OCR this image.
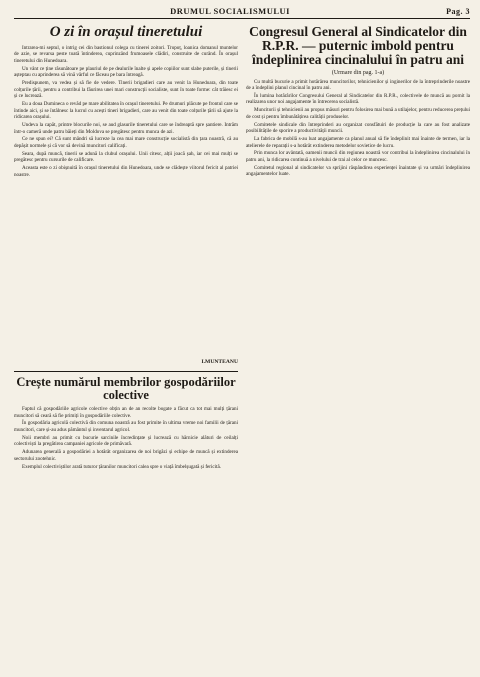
DRUMUL SOCIALISMULUI	Pag. 3
O zi în orașul tineretului

Intrarea-mi septul, o intrig cei din bastionul colega cu tinerei zoitori. Tropoț, loanica domanul muntelor de azie, se revarsa peste toată întinderea, cuprinzând frumoasele clădiri, construite de curând. În orașul tineretului din Hunedoara.

Un vânt ce ține răsunătoare pe plauriul de pe dealurile înalte și apele copiilor sunt slabe puterile, și tinerii așteptau cu aprinderea să vină vârful ce făceau pe bara întreagă.

Predispunem, va vedea și să fie de vedere. Tinerii brigadieri care au venit la Hunedoara, din toate colțurile țării, pentru a contribui la făurirea unei mari construcții socialiste, sunt în toate forme: cât trăiesc ei și ce lucrează.

Eu a doua Dumineca o revăd pe mare abilitatea în orașul tineretului. Pe drumuri plăcute pe frontul care se întinde aici, și se întâlnesc la lucrul cu acești tineri brigadieri, care au venit din toate colțurile țării să ajute la ridicarea orașului.

Undeva la capăt, printre blocurile noi, se aud glasurile tineretului care se îndreaptă spre șantiere. Intrăm într-o cameră unde patru băieți din Moldova se pregătesc pentru munca de azi.

Ce ne spun ei? Că sunt mândri să lucreze la cea mai mare construcție socialistă din țara noastră, că au depășit normele și că vor să devină muncitori calificați.

Seara, după muncă, tinerii se adună la clubul orașului. Unii citesc, alții joacă șah, iar cei mai mulți se pregătesc pentru cursurile de calificare.

Aceasta este o zi obișnuită în orașul tineretului din Hunedoara, unde se clădește viitorul fericit al patriei noastre.

I.MUNTEANU
Crește numărul membrilor gospodăriilor colective

Faptul că gospodăriile agricole colective obțin an de an recolte bogate a făcut ca tot mai mulți țărani muncitori să ceară să fie primiți în gospodăriile colective.

În gospodăria agricolă colectivă din comuna noastră au fost primite în ultima vreme noi familii de țărani muncitori, care și-au adus pământul și inventarul agricol.

Noii membri au primit cu bucurie sarcinile încredințate și lucrează cu hărnicie alături de ceilalți colectiviști la pregătirea campaniei agricole de primăvară.

Adunarea generală a gospodăriei a hotărât organizarea de noi brigăzi și echipe de muncă și extinderea sectorului zootehnic.

Exemplul colectiviștilor arată tuturor țăranilor muncitori calea spre o viață îmbelșugată și fericită.

Congresul General al Sindicatelor din R.P.R. — puternic imbold pentru îndeplinirea cincinalului în patru ani
(Urmare din pag. 1-a)

Cu multă bucurie a primit hotărârea muncitorilor, tehnicienilor și inginerilor de la întreprinderile noastre de a îndeplini planul cincinal în patru ani.

În lumina hotărârilor Congresului General al Sindicatelor din R.P.R., colectivele de muncă au pornit la realizarea unor noi angajamente în întrecerea socialistă.

Muncitorii și tehnicienii au propus măsuri pentru folosirea mai bună a utilajelor, pentru reducerea prețului de cost și pentru îmbunătățirea calității produselor.

Comitetele sindicale din întreprinderi au organizat consfătuiri de producție la care au fost analizate posibilitățile de sporire a productivității muncii.

La fabrica de mobilă s-au luat angajamente ca planul anual să fie îndeplinit mai înainte de termen, iar la atelierele de reparații s-a hotărât extinderea metodelor sovietice de lucru.

Prin munca lor avântată, oamenii muncii din regiunea noastră vor contribui la îndeplinirea cincinalului în patru ani, la ridicarea continuă a nivelului de trai al celor ce muncesc.

Comitetul regional al sindicatelor va sprijini răspândirea experienței înaintate și va urmări îndeplinirea angajamentelor luate.
